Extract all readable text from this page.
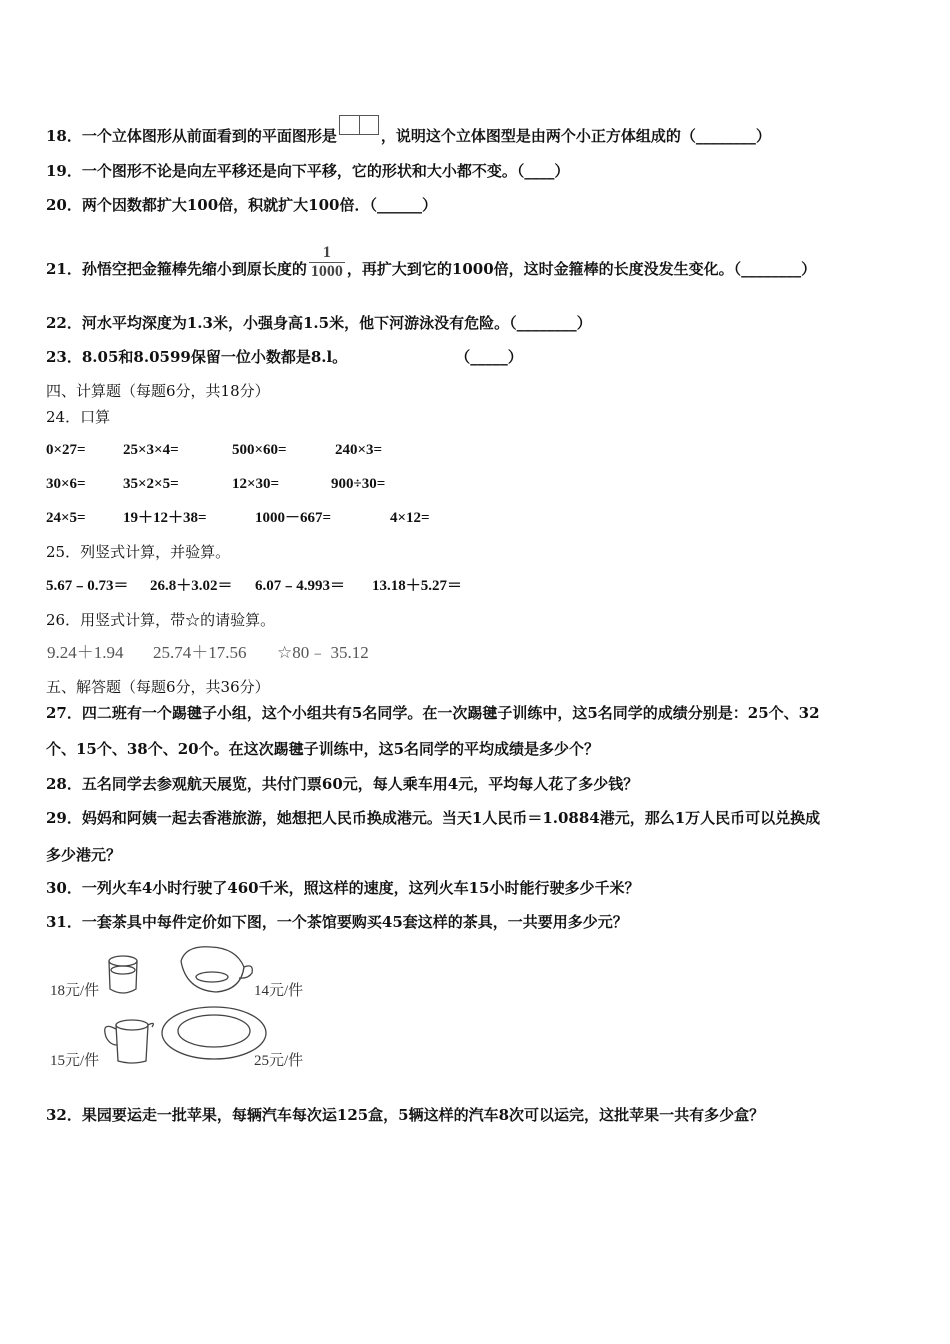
18．一个立体图形从前面看到的平面图形是	，说明这个立体图型是由两个小正方体组成的（________）
19．一个图形不论是向左平移还是向下平移，它的形状和大小都不变。（____）
20．两个因数都扩大100倍，积就扩大100倍．（______）
21．孙悟空把金箍棒先缩小到原长度的 $\frac{1}{1000}$ ，再扩大到它的1000倍，这时金箍棒的长度没发生变化。（________）
22．河水平均深度为1.3米，小强身高1.5米，他下河游泳没有危险。（________）
23．8.05和8.0599保留一位小数都是8.l。	（_____）
四、计算题（每题6分，共18分）
24．口算
0×27= 25×3×4=	500×60=	240×3=
30×6= 35×2×5=	12×30=	900÷30=
24×5= 19＋12＋38=	1000－667=	4×12=
25．列竖式计算，并验算。
5.67﹣0.73＝ 26.8＋3.02＝ 6.07﹣4.993＝ 13.18＋5.27＝
26．用竖式计算，带☆的请验算。
9.24＋1.94 25.74＋17.56 ☆80﹣ 35.12
五、解答题（每题6分，共36分）
27．四二班有一个踢毽子小组，这个小组共有5名同学。在一次踢毽子训练中，这5名同学的成绩分别是：25个、32
个、15个、38个、20个。在这次踢毽子训练中，这5名同学的平均成绩是多少个？
28．五名同学去参观航天展览，共付门票60元，每人乘车用4元，平均每人花了多少钱？
29．妈妈和阿姨一起去香港旅游，她想把人民币换成港元。当天1人民币＝1.0884港元，那么1万人民币可以兑换成
多少港元？
30．一列火车4小时行驶了460千米，照这样的速度，这列火车15小时能行驶多少千米？
31．一套茶具中每件定价如下图，一个茶馆要购买45套这样的茶具，一共要用多少元？
18元/件	14元/件
15元/件	25元/件
32．果园要运走一批苹果，每辆汽车每次运125盒，5辆这样的汽车8次可以运完，这批苹果一共有多少盒？
